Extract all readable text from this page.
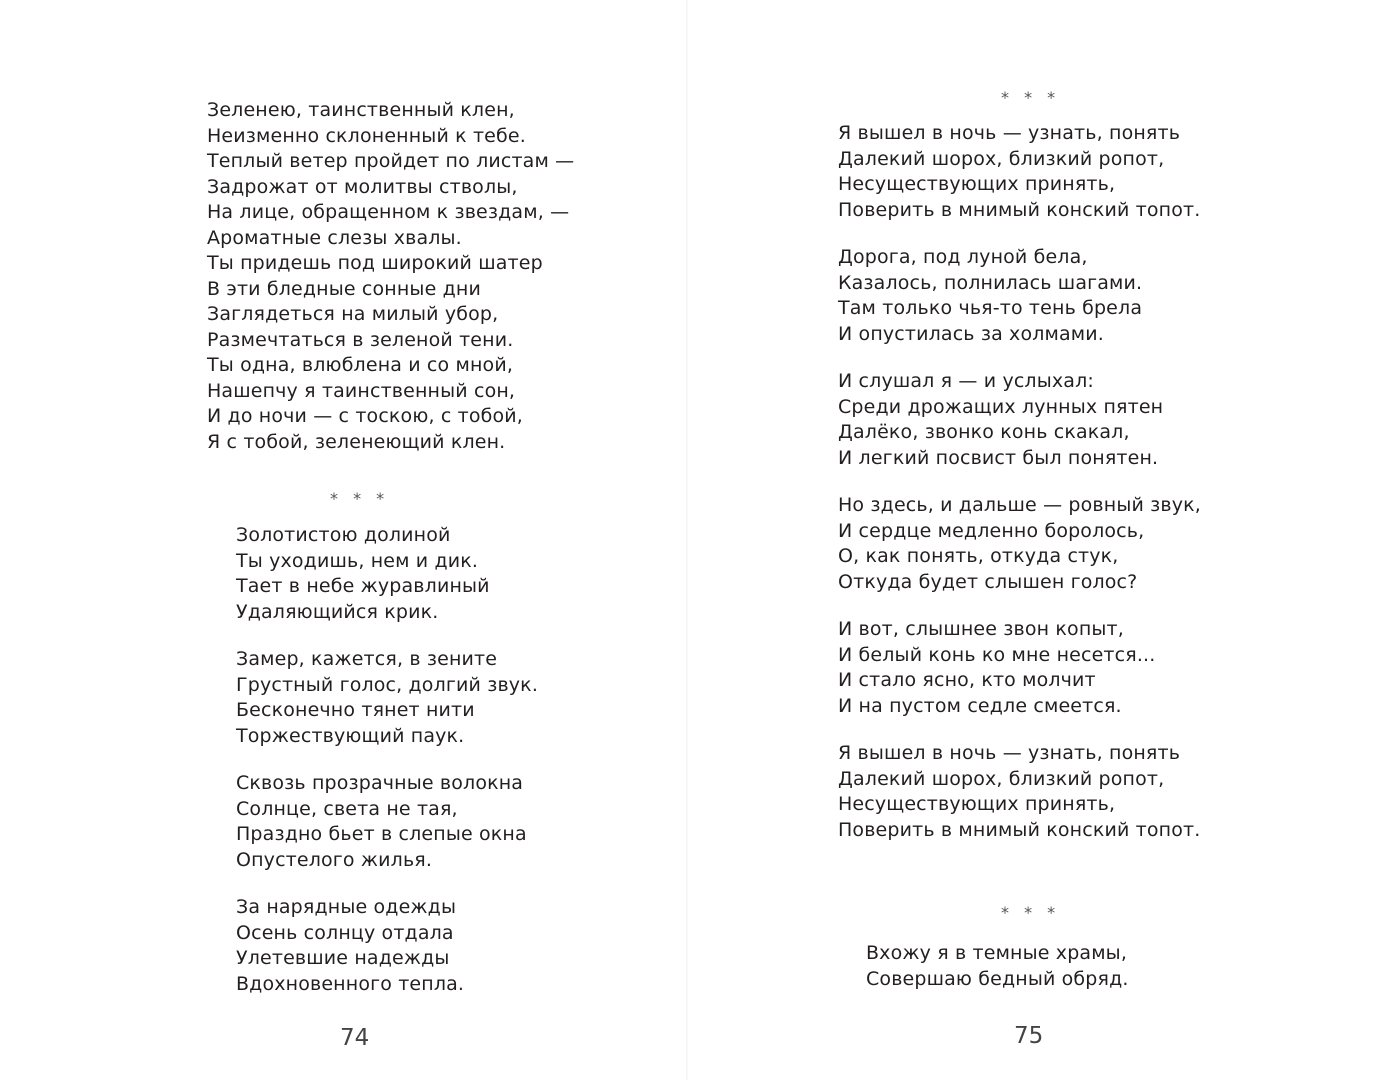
Зеленею, таинственный клен,
Неизменно склоненный к тебе.
Теплый ветер пройдет по листам —
Задрожат от молитвы стволы,
На лице, обращенном к звездам, —
Ароматные слезы хвалы.
Ты придешь под широкий шатер
В эти бледные сонные дни
Заглядеться на милый убор,
Размечтаться в зеленой тени.
Ты одна, влюблена и со мной,
Нашепчу я таинственный сон,
И до ночи — с тоскою, с тобой,
Я с тобой, зеленеющий клен.
* * *
Золотистою долиной
Ты уходишь, нем и дик.
Тает в небе журавлиный
Удаляющийся крик.
Замер, кажется, в зените
Грустный голос, долгий звук.
Бесконечно тянет нити
Торжествующий паук.
Сквозь прозрачные волокна
Солнце, света не тая,
Праздно бьет в слепые окна
Опустелого жилья.
За нарядные одежды
Осень солнцу отдала
Улетевшие надежды
Вдохновенного тепла.
74
* * *
Я вышел в ночь — узнать, понять
Далекий шорох, близкий ропот,
Несуществующих принять,
Поверить в мнимый конский топот.
Дорога, под луной бела,
Казалось, полнилась шагами.
Там только чья-то тень брела
И опустилась за холмами.
И слушал я — и услыхал:
Среди дрожащих лунных пятен
Далёко, звонко конь скакал,
И легкий посвист был понятен.
Но здесь, и дальше — ровный звук,
И сердце медленно боролось,
О, как понять, откуда стук,
Откуда будет слышен голос?
И вот, слышнее звон копыт,
И белый конь ко мне несется...
И стало ясно, кто молчит
И на пустом седле смеется.
Я вышел в ночь — узнать, понять
Далекий шорох, близкий ропот,
Несуществующих принять,
Поверить в мнимый конский топот.
* * *
Вхожу я в темные храмы,
Совершаю бедный обряд.
75
